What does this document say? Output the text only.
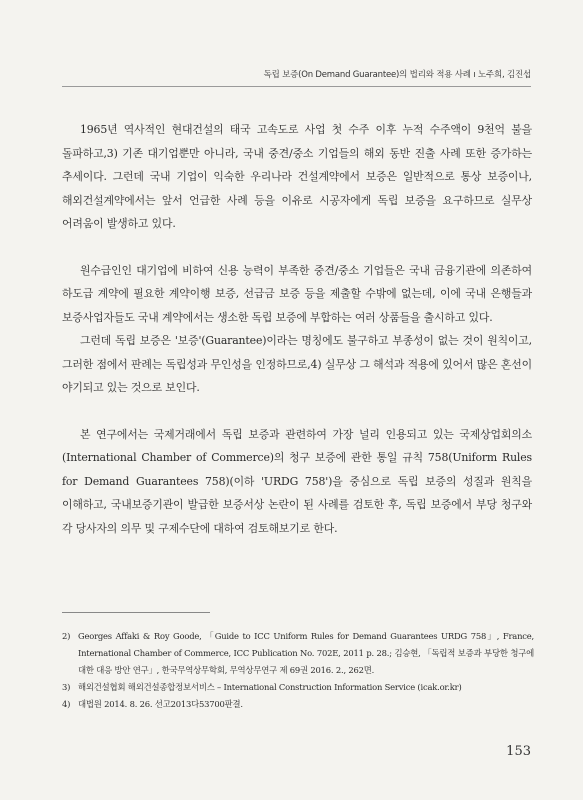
독립 보증(On Demand Guarantee)의 법리와 적용 사례 ı 노주희, 김진섭

1965년 역사적인 현대건설의 태국 고속도로 사업 첫 수주 이후 누적 수주액이 9천억 불을 돌파하고,3) 기존 대기업뿐만 아니라, 국내 중견/중소 기업들의 해외 동반 진출 사례 또한 증가하는 추세이다. 그런데 국내 기업이 익숙한 우리나라 건설계약에서 보증은 일반적으로 통상 보증이나, 해외건설계약에서는 앞서 언급한 사례 등을 이유로 시공자에게 독립 보증을 요구하므로 실무상 어려움이 발생하고 있다.

원수급인인 대기업에 비하여 신용 능력이 부족한 중견/중소 기업들은 국내 금융기관에 의존하여 하도급 계약에 필요한 계약이행 보증, 선급금 보증 등을 제출할 수밖에 없는데, 이에 국내 은행들과 보증사업자들도 국내 계약에서는 생소한 독립 보증에 부합하는 여러 상품들을 출시하고 있다.

그런데 독립 보증은 '보증'(Guarantee)이라는 명칭에도 불구하고 부종성이 없는 것이 원칙이고, 그러한 점에서 판례는 독립성과 무인성을 인정하므로,4) 실무상 그 해석과 적용에 있어서 많은 혼선이 야기되고 있는 것으로 보인다.

본 연구에서는 국제거래에서 독립 보증과 관련하여 가장 널리 인용되고 있는 국제상업회의소(International Chamber of Commerce)의 청구 보증에 관한 통일 규칙 758(Uniform Rules for Demand Guarantees 758)(이하 'URDG 758')을 중심으로 독립 보증의 성질과 원칙을 이해하고, 국내보증기관이 발급한 보증서상 논란이 된 사례를 검토한 후, 독립 보증에서 부당 청구와 각 당사자의 의무 및 구제수단에 대하여 검토해보기로 한다.

2) Georges Affaki & Roy Goode, 「Guide to ICC Uniform Rules for Demand Guarantees URDG 758」, France, International Chamber of Commerce, ICC Publication No. 702E, 2011 p. 28.; 김승현, 「독립적 보증과 부당한 청구에 대한 대응 방안 연구」, 한국무역상무학회, 무역상무연구 제 69권 2016. 2., 262면.

3) 해외건설협회 해외건설종합정보서비스 – International Construction Information Service (icak.or.kr)

4) 대법원 2014. 8. 26. 선고2013다53700판결.

153
